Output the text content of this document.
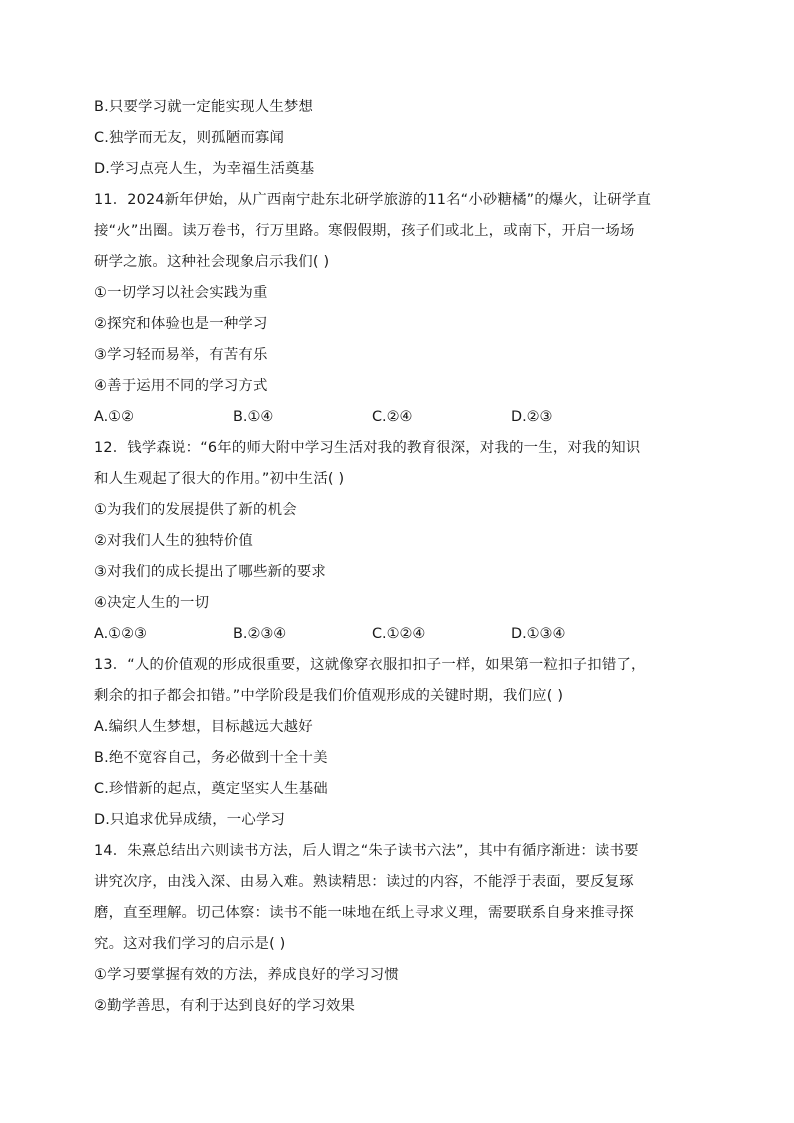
B.只要学习就一定能实现人生梦想
C.独学而无友，则孤陋而寡闻
D.学习点亮人生，为幸福生活奠基
11．2024新年伊始，从广西南宁赴东北研学旅游的11名“小砂糖橘”的爆火，让研学直
接“火”出圈。读万卷书，行万里路。寒假假期，孩子们或北上，或南下，开启一场场
研学之旅。这种社会现象启示我们( )
①一切学习以社会实践为重
②探究和体验也是一种学习
③学习轻而易举，有苦有乐
④善于运用不同的学习方式
A.①②	B.①④	C.②④	D.②③
12．钱学森说：“6年的师大附中学习生活对我的教育很深，对我的一生，对我的知识
和人生观起了很大的作用。”初中生活( )
①为我们的发展提供了新的机会
②对我们人生的独特价值
③对我们的成长提出了哪些新的要求
④决定人生的一切
A.①②③	B.②③④	C.①②④	D.①③④
13．“人的价值观的形成很重要，这就像穿衣服扣扣子一样，如果第一粒扣子扣错了，
剩余的扣子都会扣错。”中学阶段是我们价值观形成的关键时期，我们应( )
A.编织人生梦想，目标越远大越好
B.绝不宽容自己，务必做到十全十美
C.珍惜新的起点，奠定坚实人生基础
D.只追求优异成绩，一心学习
14．朱熹总结出六则读书方法，后人谓之“朱子读书六法”，其中有循序渐进：读书要
讲究次序，由浅入深、由易入难。熟读精思：读过的内容，不能浮于表面，要反复琢
磨，直至理解。切己体察：读书不能一味地在纸上寻求义理，需要联系自身来推寻探
究。这对我们学习的启示是( )
①学习要掌握有效的方法，养成良好的学习习惯
②勤学善思，有利于达到良好的学习效果
